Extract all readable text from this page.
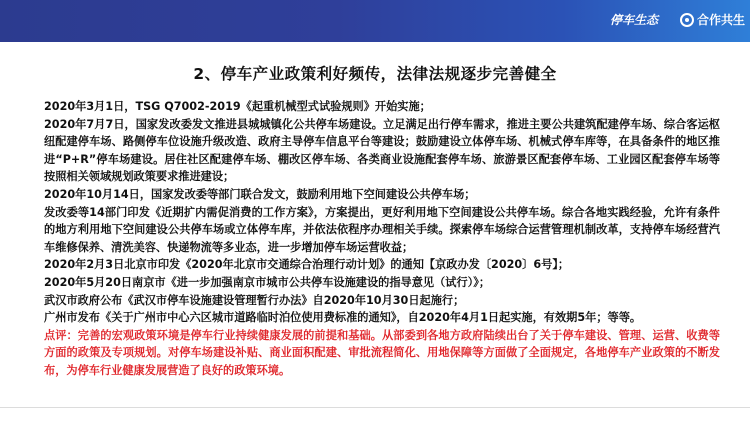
停车生态	合作共生
2、停车产业政策利好频传，法律法规逐步完善健全

2020年3月1日，TSG Q7002-2019《起重机械型式试验规则》开始实施；

2020年7月7日，国家发改委发文推进县城城镇化公共停车场建设。立足满足出行停车需求，推进主要公共建筑配建停车场、综合客运枢纽配建停车场、路侧停车位设施升级改造、政府主导停车信息平台等建设；鼓励建设立体停车场、机械式停车库等，在具备条件的地区推进“P+R”停车场建设。居住社区配建停车场、棚改区停车场、各类商业设施配套停车场、旅游景区配套停车场、工业园区配套停车场等按照相关领域规划政策要求推进建设；

2020年10月14日，国家发改委等部门联合发文，鼓励利用地下空间建设公共停车场；

发改委等14部门印发《近期扩内需促消费的工作方案》，方案提出，更好利用地下空间建设公共停车场。综合各地实践经验，允许有条件的地方利用地下空间建设公共停车场或立体停车库，并依法依程序办理相关手续。探索停车场综合运营管理机制改革，支持停车场经营汽车维修保养、清洗美容、快递物流等多业态，进一步增加停车场运营收益；

2020年2月3日北京市印发《2020年北京市交通综合治理行动计划》的通知【京政办发〔2020〕6号】；

2020年5月20日南京市《进一步加强南京市城市公共停车设施建设的指导意见（试行）》；

武汉市政府公布《武汉市停车设施建设管理暂行办法》自2020年10月30日起施行；

广州市发布《关于广州市中心六区城市道路临时泊位使用费标准的通知》，自2020年4月1日起实施，有效期5年；等等。

点评：完善的宏观政策环境是停车行业持续健康发展的前提和基础。从部委到各地方政府陆续出台了关于停车建设、管理、运营、收费等方面的政策及专项规划。对停车场建设补贴、商业面积配建、审批流程简化、用地保障等方面做了全面规定，各地停车产业政策的不断发布，为停车行业健康发展营造了良好的政策环境。
